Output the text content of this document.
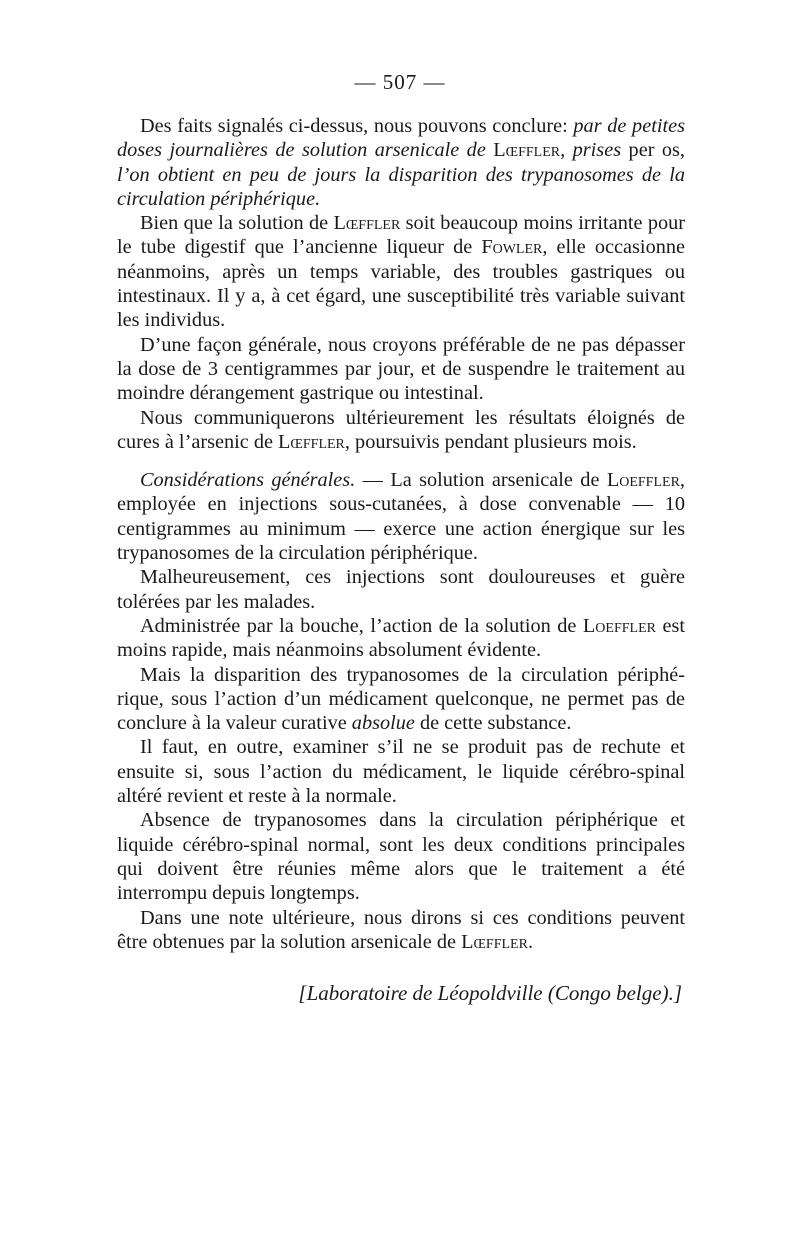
— 507 —

Des faits signalés ci-dessus, nous pouvons conclure: par de petites doses journalières de solution arsenicale de Lœffler, prises per os, l’on obtient en peu de jours la disparition des trypanosomes de la circulation périphérique.

Bien que la solution de Lœffler soit beaucoup moins irritante pour le tube digestif que l’ancienne liqueur de Fowler, elle occasionne néanmoins, après un temps variable, des troubles gastriques ou intestinaux. Il y a, à cet égard, une susceptibilité très variable suivant les individus.

D’une façon générale, nous croyons préférable de ne pas dépasser la dose de 3 centigrammes par jour, et de suspendre le traitement au moindre dérangement gastrique ou intestinal.

Nous communiquerons ultérieurement les résultats éloignés de cures à l’arsenic de Lœffler, poursuivis pendant plusieurs mois.

Considérations générales. — La solution arsenicale de Loeffler, employée en injections sous-cutanées, à dose convenable — 10 centigrammes au minimum — exerce une action énergique sur les trypanosomes de la circulation périphérique.

Malheureusement, ces injections sont douloureuses et guère tolérées par les malades.

Administrée par la bouche, l’action de la solution de Loeffler est moins rapide, mais néanmoins absolument évidente.

Mais la disparition des trypanosomes de la circulation périphérique, sous l’action d’un médicament quelconque, ne permet pas de conclure à la valeur curative absolue de cette substance.

Il faut, en outre, examiner s’il ne se produit pas de rechute et ensuite si, sous l’action du médicament, le liquide cérébro-spinal altéré revient et reste à la normale.

Absence de trypanosomes dans la circulation périphérique et liquide cérébro-spinal normal, sont les deux conditions principales qui doivent être réunies même alors que le traitement a été interrompu depuis longtemps.

Dans une note ultérieure, nous dirons si ces conditions peuvent être obtenues par la solution arsenicale de Lœffler.

[Laboratoire de Léopoldville (Congo belge).]
